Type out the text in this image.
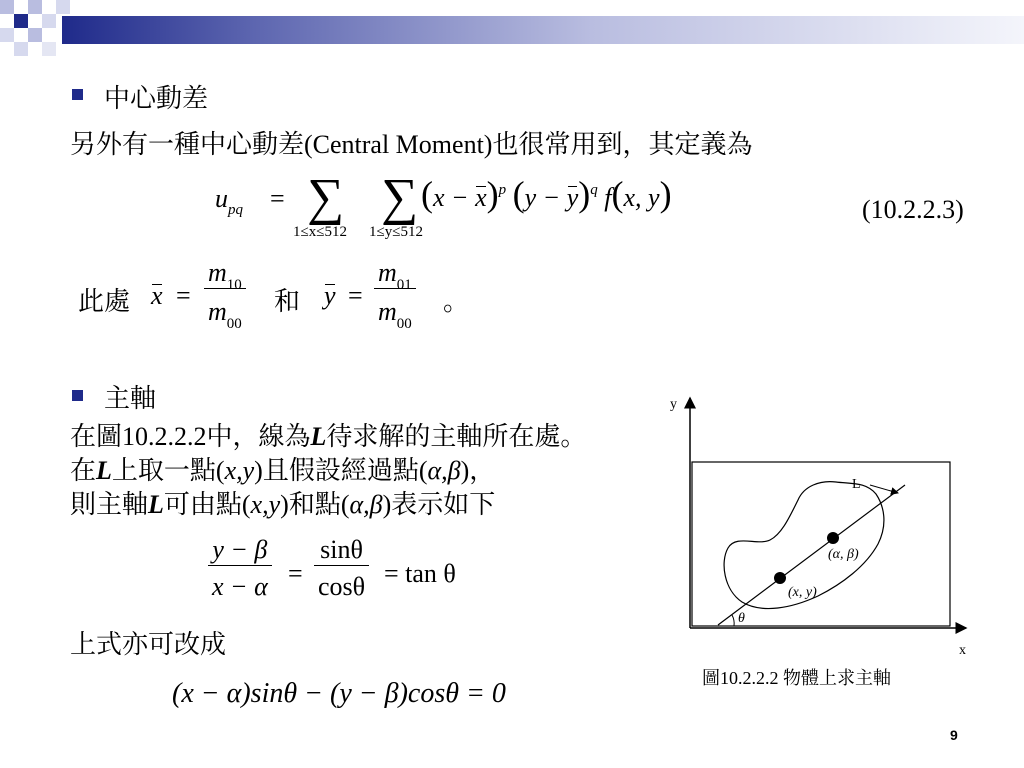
中心動差
另外有一種中心動差(Central Moment)也很常用到，其定義為
$u_{pq}$ = ∑
1≤x≤512
∑
1≤y≤512
$(x - x)^p$ $(y - y)^q$ f(x, y)	(10.2.2.3)
此處 $x = \frac{m_{10}}{m_{00}}$ 和 $y = \frac{m_{01}}{m_{00}}$ 。
主軸
在圖10.2.2.2中，線為L待求解的主軸所在處。
在L上取一點(x,y)且假設經過點(α,β)，
則主軸L可由點(x,y)和點(α,β)表示如下
$\frac{y - \beta}{x - \alpha} = \frac{\sin\theta}{\cos\theta} = \tan \theta$
上式亦可改成
(x − α)sinθ − (y − β)cosθ = 0
y
x
L
(α, β)
(x, y)
θ
圖10.2.2.2 物體上求主軸
9
